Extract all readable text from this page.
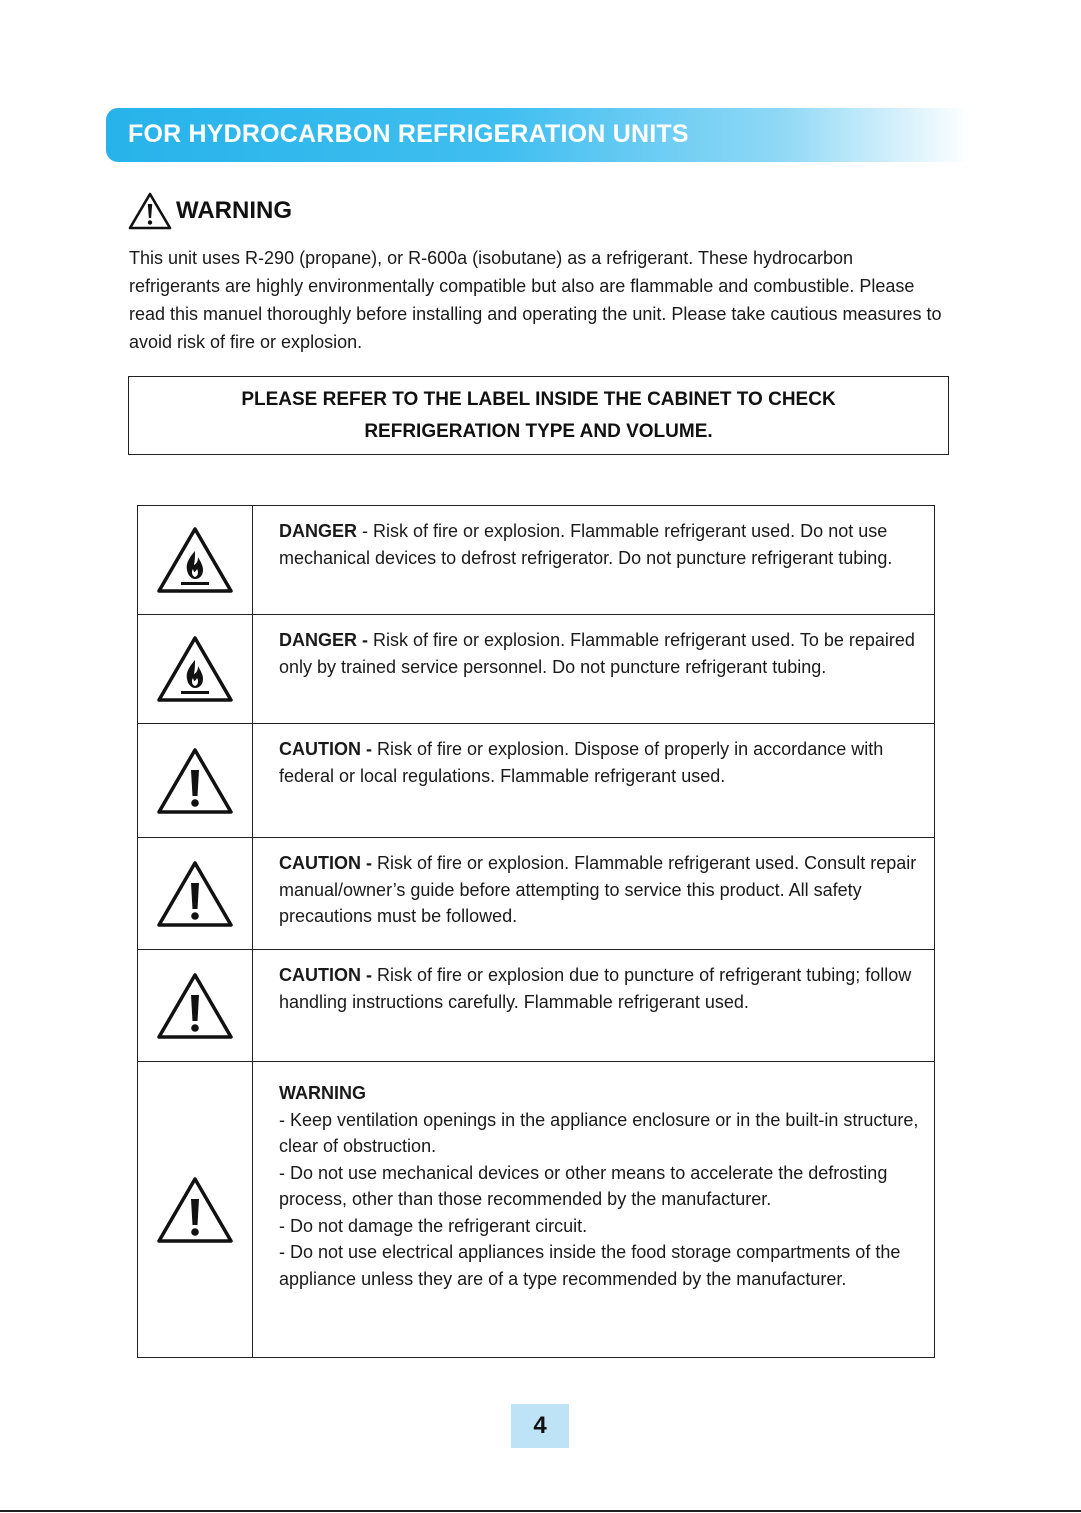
FOR HYDROCARBON REFRIGERATION UNITS
WARNING
This unit uses R-290 (propane), or R-600a (isobutane) as a refrigerant. These hydrocarbon refrigerants are highly environmentally compatible but also are flammable and combustible. Please read this manuel thoroughly before installing and operating the unit. Please take cautious measures to avoid risk of fire or explosion.
PLEASE REFER TO THE LABEL INSIDE THE CABINET TO CHECK
REFRIGERATION TYPE AND VOLUME.
DANGER - Risk of fire or explosion. Flammable refrigerant used. Do not use mechanical devices to defrost refrigerator. Do not puncture refrigerant tubing.
DANGER - Risk of fire or explosion. Flammable refrigerant used. To be repaired only by trained service personnel. Do not puncture refrigerant tubing.
CAUTION - Risk of fire or explosion. Dispose of properly in accordance with federal or local regulations. Flammable refrigerant used.
CAUTION - Risk of fire or explosion. Flammable refrigerant used. Consult repair manual/owner’s guide before attempting to service this product. All safety precautions must be followed.
CAUTION - Risk of fire or explosion due to puncture of refrigerant tubing; follow handling instructions carefully. Flammable refrigerant used.
WARNING
- Keep ventilation openings in the appliance enclosure or in the built-in structure, clear of obstruction.
- Do not use mechanical devices or other means to accelerate the defrosting process, other than those recommended by the manufacturer.
- Do not damage the refrigerant circuit.
- Do not use electrical appliances inside the food storage compartments of the appliance unless they are of a type recommended by the manufacturer.
4
